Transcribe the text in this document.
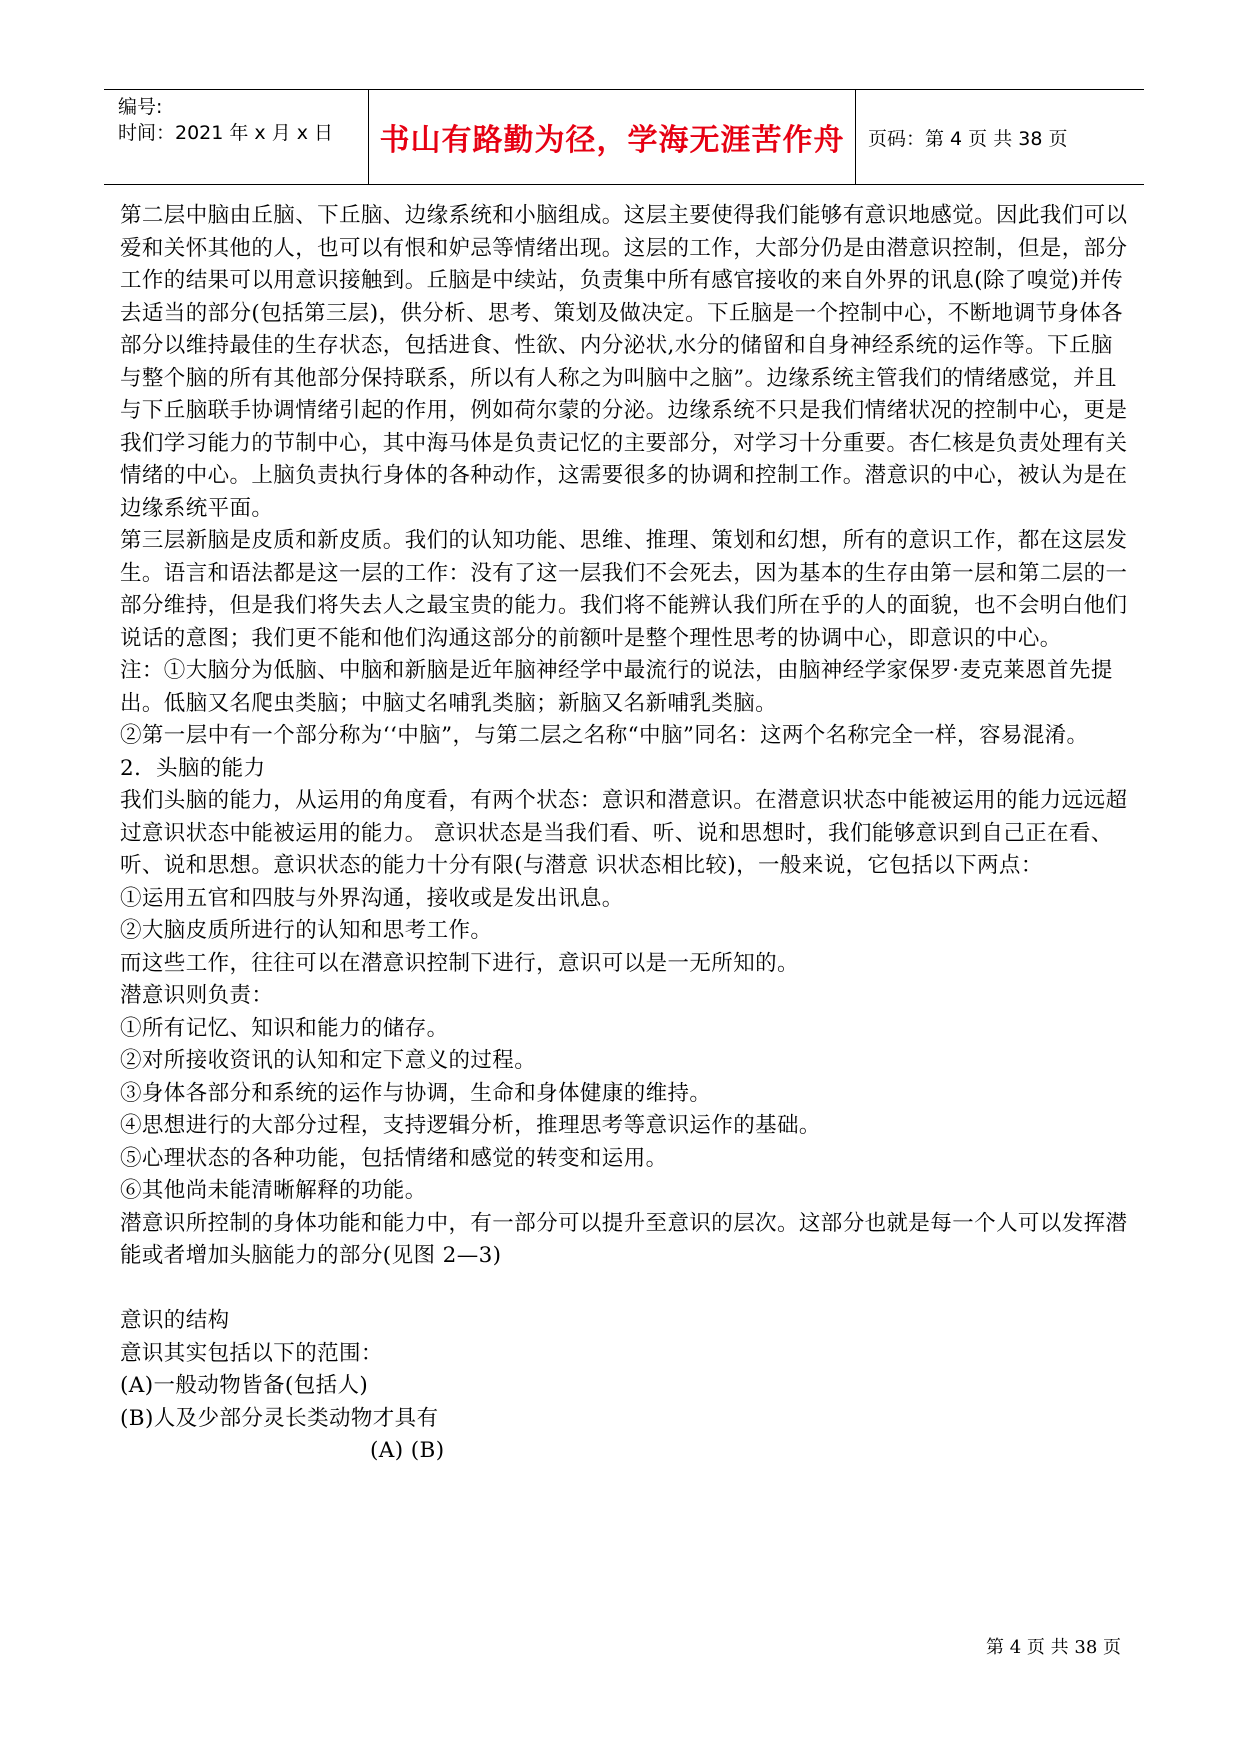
编号:
时间：2021 年 x 月 x 日	书山有路勤为径，学海无涯苦作舟 页码：第 4 页 共 38 页

第二层中脑由丘脑、下丘脑、边缘系统和小脑组成。这层主要使得我们能够有意识地感觉。因此我们可以爱和关怀其他的人，也可以有恨和妒忌等情绪出现。这层的工作，大部分仍是由潜意识控制，但是，部分工作的结果可以用意识接触到。丘脑是中续站，负责集中所有感官接收的来自外界的讯息(除了嗅觉)并传去适当的部分(包括第三层)，供分析、思考、策划及做决定。下丘脑是一个控制中心，不断地调节身体各部分以维持最佳的生存状态，包括进食、性欲、内分泌状,水分的储留和自身神经系统的运作等。下丘脑与整个脑的所有其他部分保持联系，所以有人称之为叫脑中之脑”。边缘系统主管我们的情绪感觉，并且与下丘脑联手协调情绪引起的作用，例如荷尔蒙的分泌。边缘系统不只是我们情绪状况的控制中心，更是我们学习能力的节制中心，其中海马体是负责记忆的主要部分，对学习十分重要。杏仁核是负责处理有关情绪的中心。上脑负责执行身体的各种动作，这需要很多的协调和控制工作。潜意识的中心，被认为是在边缘系统平面。

第三层新脑是皮质和新皮质。我们的认知功能、思维、推理、策划和幻想，所有的意识工作，都在这层发生。语言和语法都是这一层的工作：没有了这一层我们不会死去，因为基本的生存由第一层和第二层的一部分维持，但是我们将失去人之最宝贵的能力。我们将不能辨认我们所在乎的人的面貌，也不会明白他们说话的意图；我们更不能和他们沟通这部分的前额叶是整个理性思考的协调中心，即意识的中心。

注：①大脑分为低脑、中脑和新脑是近年脑神经学中最流行的说法，由脑神经学家保罗·麦克莱恩首先提出。低脑又名爬虫类脑；中脑丈名哺乳类脑；新脑又名新哺乳类脑。

②第一层中有一个部分称为‘‘中脑”，与第二层之名称“中脑”同名：这两个名称完全一样，容易混淆。

2．头脑的能力

我们头脑的能力，从运用的角度看，有两个状态：意识和潜意识。在潜意识状态中能被运用的能力远远超过意识状态中能被运用的能力。 意识状态是当我们看、听、说和思想时，我们能够意识到自己正在看、听、说和思想。意识状态的能力十分有限(与潜意 识状态相比较)，一般来说，它包括以下两点：

①运用五官和四肢与外界沟通，接收或是发出讯息。

②大脑皮质所进行的认知和思考工作。

而这些工作，往往可以在潜意识控制下进行，意识可以是一无所知的。

潜意识则负责：

①所有记忆、知识和能力的储存。

②对所接收资讯的认知和定下意义的过程。

③身体各部分和系统的运作与协调，生命和身体健康的维持。

④思想进行的大部分过程，支持逻辑分析，推理思考等意识运作的基础。

⑤心理状态的各种功能，包括情绪和感觉的转变和运用。

⑥其他尚未能清晰解释的功能。

潜意识所控制的身体功能和能力中，有一部分可以提升至意识的层次。这部分也就是每一个人可以发挥潜能或者增加头脑能力的部分(见图 2—3)

意识的结构

意识其实包括以下的范围：

(A)一般动物皆备(包括人)

(B)人及少部分灵长类动物才具有

(A) (B)

第 4 页 共 38 页
